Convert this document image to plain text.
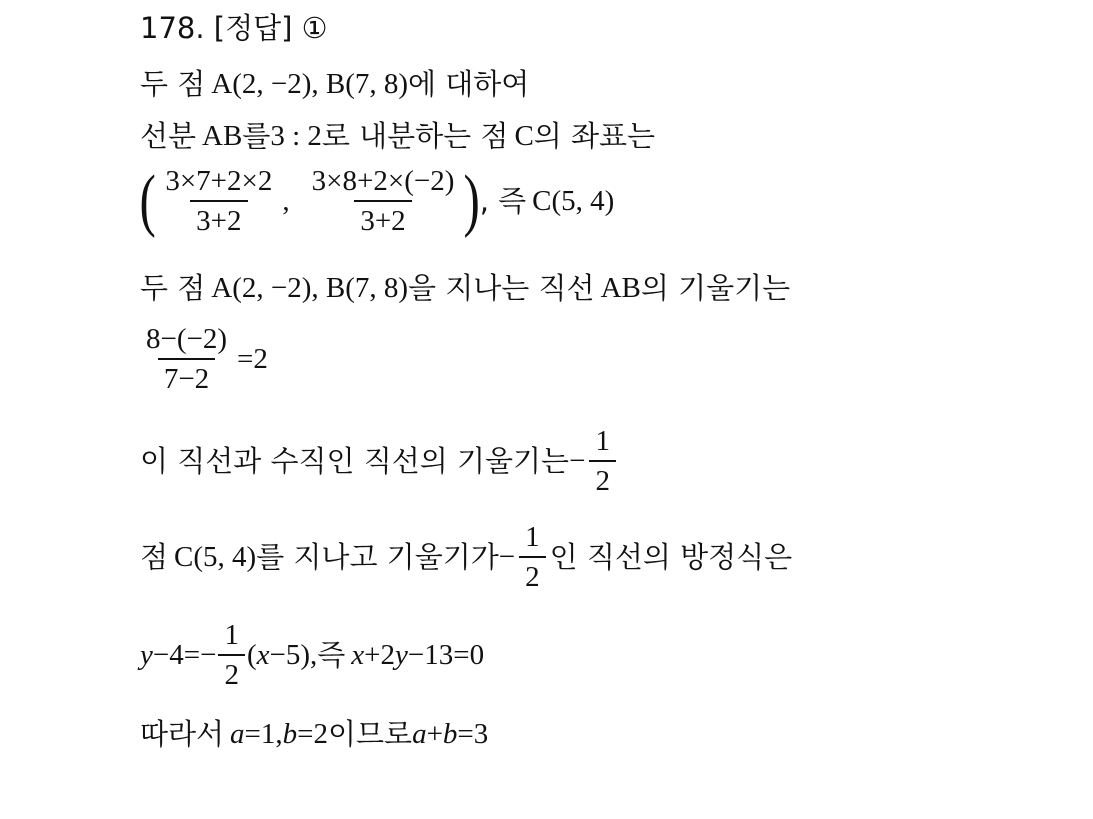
178. [정답] ①
두 점 A(2, −2), B(7, 8) 에 대하여
선분 AB 를 3 : 2 로 내분하는 점 C 의 좌표는
( $\frac{3\times 7+2\times 2}{3+2}$ , $\frac{3\times 8+2\times(-2)}{3+2}$ ) , 즉 C(5, 4)
두 점 A(2, −2), B(7, 8) 을 지나는 직선 AB 의 기울기는
$\frac{8-(-2)}{7-2} =2$
이 직선과 수직인 직선의 기울기는 − $\frac{1}{2}$
점 C(5, 4) 를 지나고 기울기가 − $\frac{1}{2}$ 인 직선의 방정식은
$y -4=- \frac{1}{2}$ ( x −5), 즉 x +2 y −13=0
따라서 a =1, b =2 이므로 a + b =3
